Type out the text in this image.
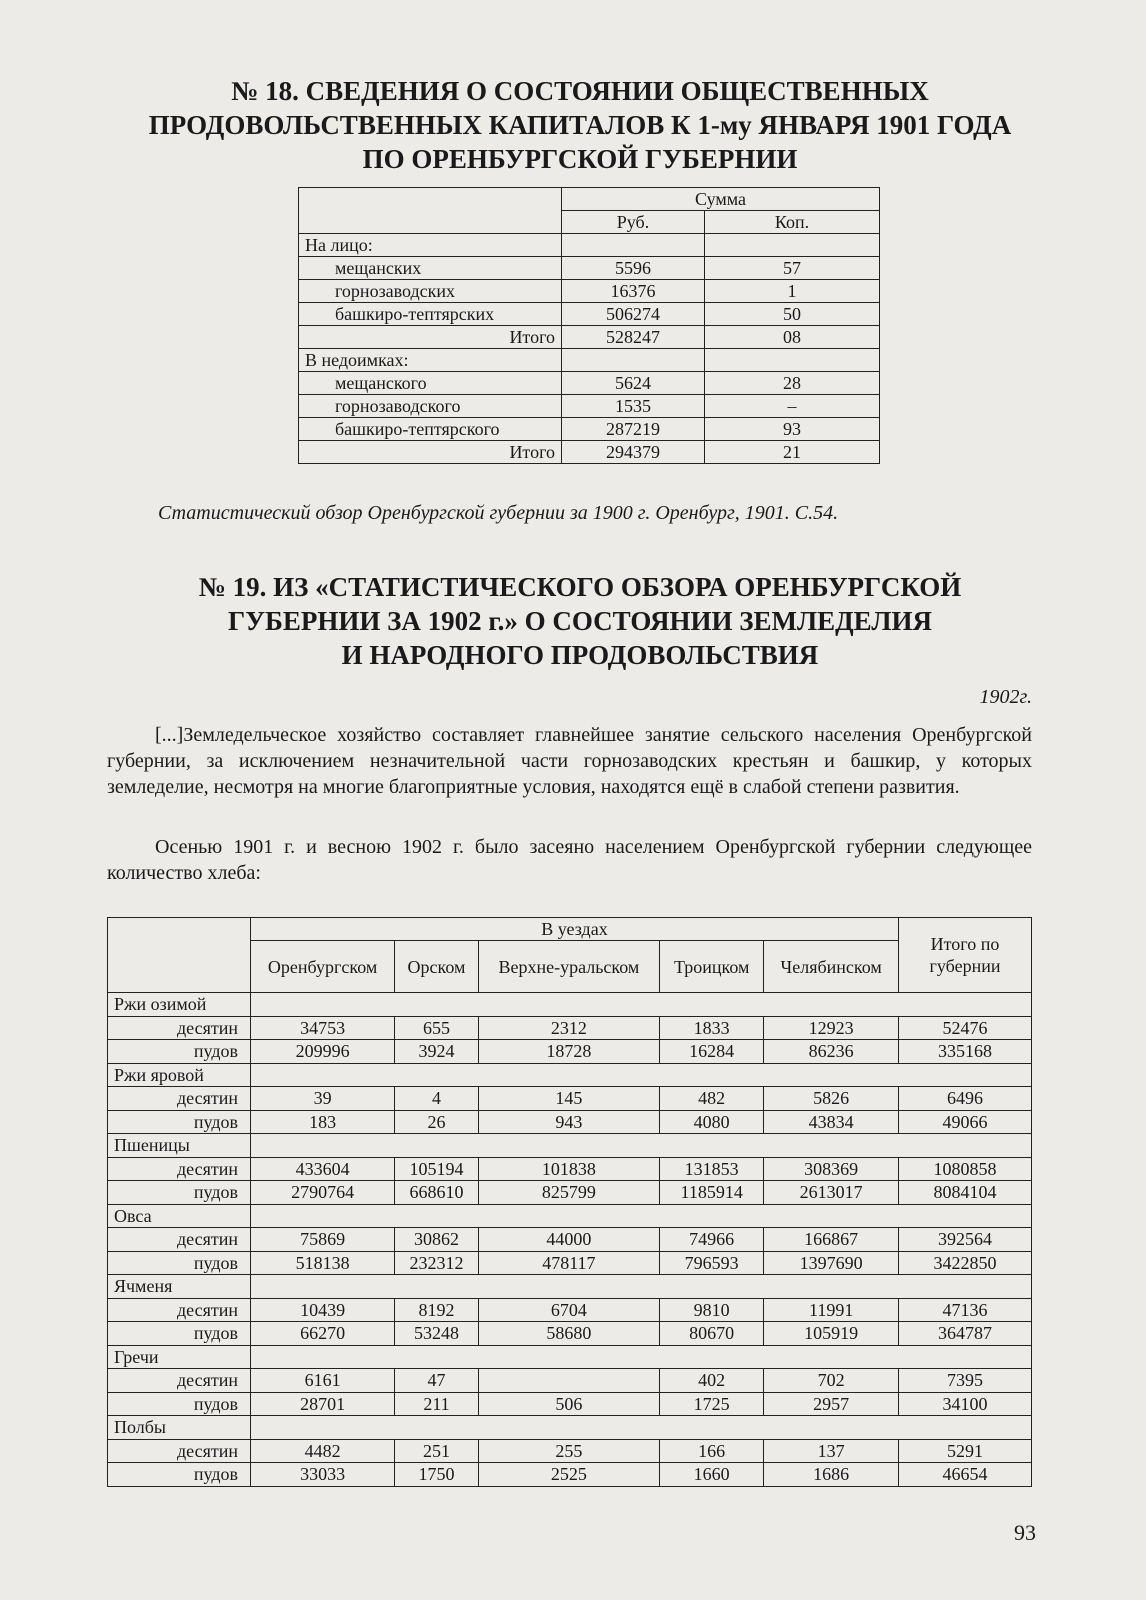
№ 18. СВЕДЕНИЯ О СОСТОЯНИИ ОБЩЕСТВЕННЫХ
ПРОДОВОЛЬСТВЕННЫХ КАПИТАЛОВ К 1-му ЯНВАРЯ 1901 ГОДА
ПО ОРЕНБУРГСКОЙ ГУБЕРНИИ
	Сумма	
	Руб.	Коп.
На лицо:		
мещанских	5596	57
горнозаводских	16376	1
башкиро-тептярских	506274	50
Итого	528247	08
В недоимках:		
мещанского	5624	28
горнозаводского	1535	–
башкиро-тептярского	287219	93
Итого	294379	21
Статистический обзор Оренбургской губернии за 1900 г. Оренбург, 1901. С.54.
№ 19. ИЗ «СТАТИСТИЧЕСКОГО ОБЗОРА ОРЕНБУРГСКОЙ
ГУБЕРНИИ ЗА 1902 г.» О СОСТОЯНИИ ЗЕМЛЕДЕЛИЯ
И НАРОДНОГО ПРОДОВОЛЬСТВИЯ
1902г.
[...]Земледельческое хозяйство составляет главнейшее занятие сельского населения Оренбургской губернии, за исключением незначительной части горнозаводских крестьян и башкир, у которых земледелие, несмотря на многие благоприятные условия, находятся ещё в слабой степени развития.
Осенью 1901 г. и весною 1902 г. было засеяно населением Оренбургской губернии следующее количество хлеба:
	В уездах					Итого по губернии
	Оренбургском	Орском	Верхне-уральском	Троицком	Челябинском	
Ржи озимой						
десятин	34753	655	2312	1833	12923	52476
пудов	209996	3924	18728	16284	86236	335168
Ржи яровой						
десятин	39	4	145	482	5826	6496
пудов	183	26	943	4080	43834	49066
Пшеницы						
десятин	433604	105194	101838	131853	308369	1080858
пудов	2790764	668610	825799	1185914	2613017	8084104
Овса						
десятин	75869	30862	44000	74966	166867	392564
пудов	518138	232312	478117	796593	1397690	3422850
Ячменя						
десятин	10439	8192	6704	9810	11991	47136
пудов	66270	53248	58680	80670	105919	364787
Гречи						
десятин	6161	47		402	702	7395
пудов	28701	211	506	1725	2957	34100
Полбы						
десятин	4482	251	255	166	137	5291
пудов	33033	1750	2525	1660	1686	46654
93
